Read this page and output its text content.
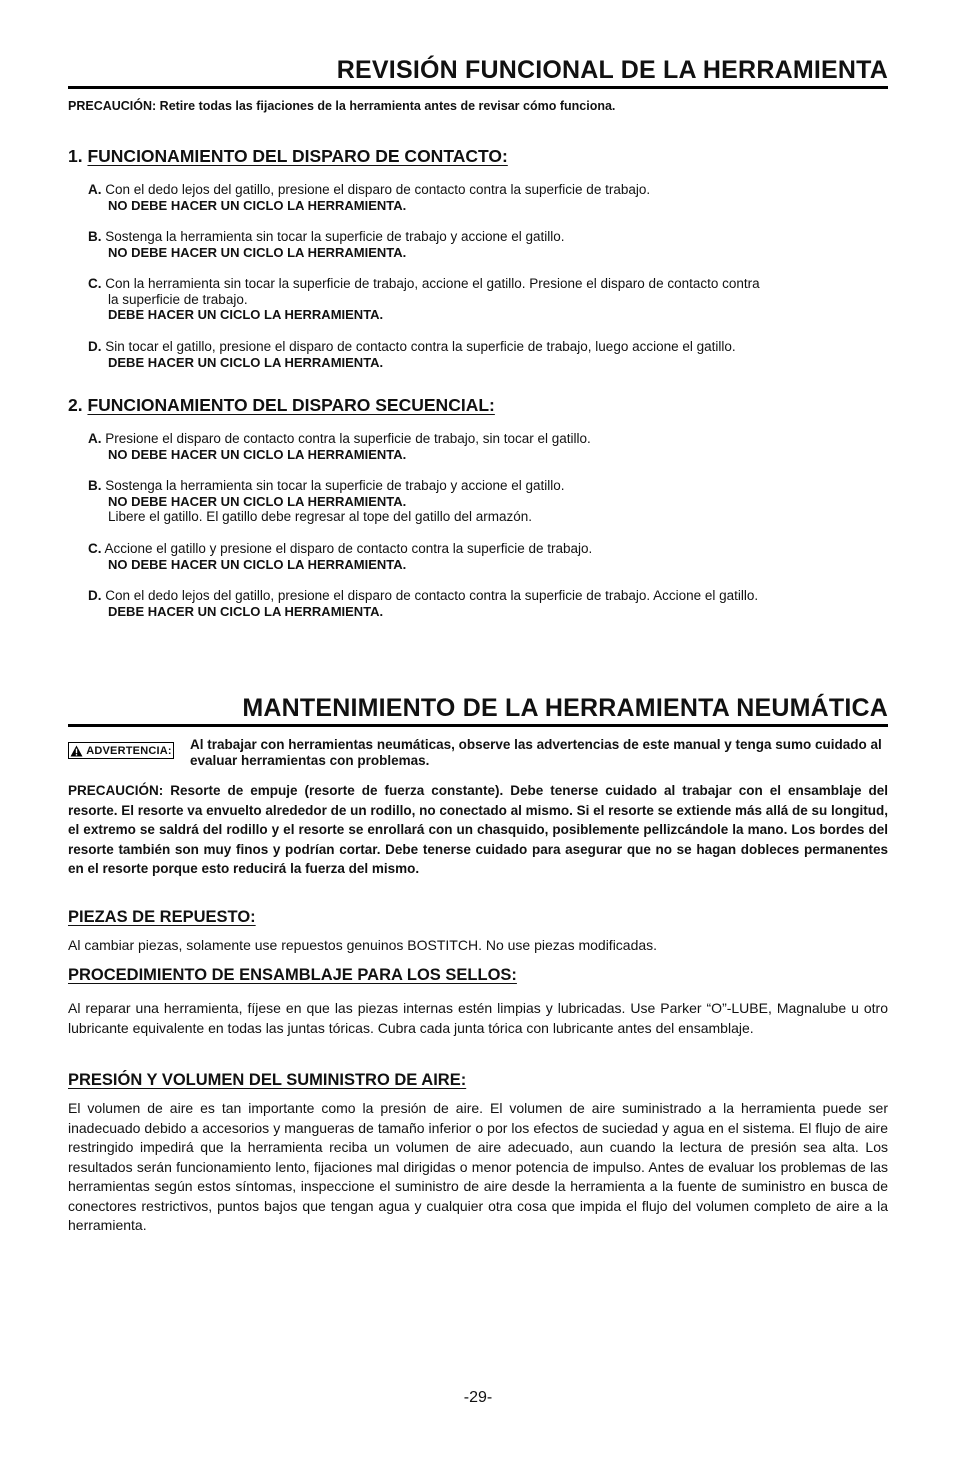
REVISIÓN FUNCIONAL DE LA HERRAMIENTA
PRECAUCIÓN: Retire todas las fijaciones de la herramienta antes de revisar cómo funciona.
1. FUNCIONAMIENTO DEL DISPARO DE CONTACTO:
A. Con el dedo lejos del gatillo, presione el disparo de contacto contra la superficie de trabajo.
NO DEBE HACER UN CICLO LA HERRAMIENTA.
B. Sostenga la herramienta sin tocar la superficie de trabajo y accione el gatillo.
NO DEBE HACER UN CICLO LA HERRAMIENTA.
C. Con la herramienta sin tocar la superficie de trabajo, accione el gatillo. Presione el disparo de contacto contra
la superficie de trabajo.
DEBE HACER UN CICLO LA HERRAMIENTA.
D. Sin tocar el gatillo, presione el disparo de contacto contra la superficie de trabajo, luego accione el gatillo.
DEBE HACER UN CICLO LA HERRAMIENTA.
2. FUNCIONAMIENTO DEL DISPARO SECUENCIAL:
A. Presione el disparo de contacto contra la superficie de trabajo, sin tocar el gatillo.
NO DEBE HACER UN CICLO LA HERRAMIENTA.
B. Sostenga la herramienta sin tocar la superficie de trabajo y accione el gatillo.
NO DEBE HACER UN CICLO LA HERRAMIENTA.
Libere el gatillo. El gatillo debe regresar al tope del gatillo del armazón.
C. Accione el gatillo y presione el disparo de contacto contra la superficie de trabajo.
NO DEBE HACER UN CICLO LA HERRAMIENTA.
D. Con el dedo lejos del gatillo, presione el disparo de contacto contra la superficie de trabajo. Accione el gatillo.
DEBE HACER UN CICLO LA HERRAMIENTA.
MANTENIMIENTO DE LA HERRAMIENTA NEUMÁTICA
ADVERTENCIA: Al trabajar con herramientas neumáticas, observe las advertencias de este manual y tenga sumo cuidado al evaluar herramientas con problemas.
PRECAUCIÓN: Resorte de empuje (resorte de fuerza constante). Debe tenerse cuidado al trabajar con el ensamblaje del resorte. El resorte va envuelto alrededor de un rodillo, no conectado al mismo. Si el resorte se extiende más allá de su longitud, el extremo se saldrá del rodillo y el resorte se enrollará con un chasquido, posiblemente pellizcándole la mano. Los bordes del resorte también son muy finos y podrían cortar. Debe tenerse cuidado para asegurar que no se hagan dobleces permanentes en el resorte porque esto reducirá la fuerza del mismo.
PIEZAS DE REPUESTO:
Al cambiar piezas, solamente use repuestos genuinos BOSTITCH. No use piezas modificadas.
PROCEDIMIENTO DE ENSAMBLAJE PARA LOS SELLOS:
Al reparar una herramienta, fíjese en que las piezas internas estén limpias y lubricadas. Use Parker “O”-LUBE, Magnalube u otro lubricante equivalente en todas las juntas tóricas. Cubra cada junta tórica con lubricante antes del ensamblaje.
PRESIÓN Y VOLUMEN DEL SUMINISTRO DE AIRE:
El volumen de aire es tan importante como la presión de aire. El volumen de aire suministrado a la herramienta puede ser inadecuado debido a accesorios y mangueras de tamaño inferior o por los efectos de suciedad y agua en el sistema. El flujo de aire restringido impedirá que la herramienta reciba un volumen de aire adecuado, aun cuando la lectura de presión sea alta. Los resultados serán funcionamiento lento, fijaciones mal dirigidas o menor potencia de impulso. Antes de evaluar los problemas de las herramientas según estos síntomas, inspeccione el suministro de aire desde la herramienta a la fuente de suministro en busca de conectores restrictivos, puntos bajos que tengan agua y cualquier otra cosa que impida el flujo del volumen completo de aire a la herramienta.
-29-
